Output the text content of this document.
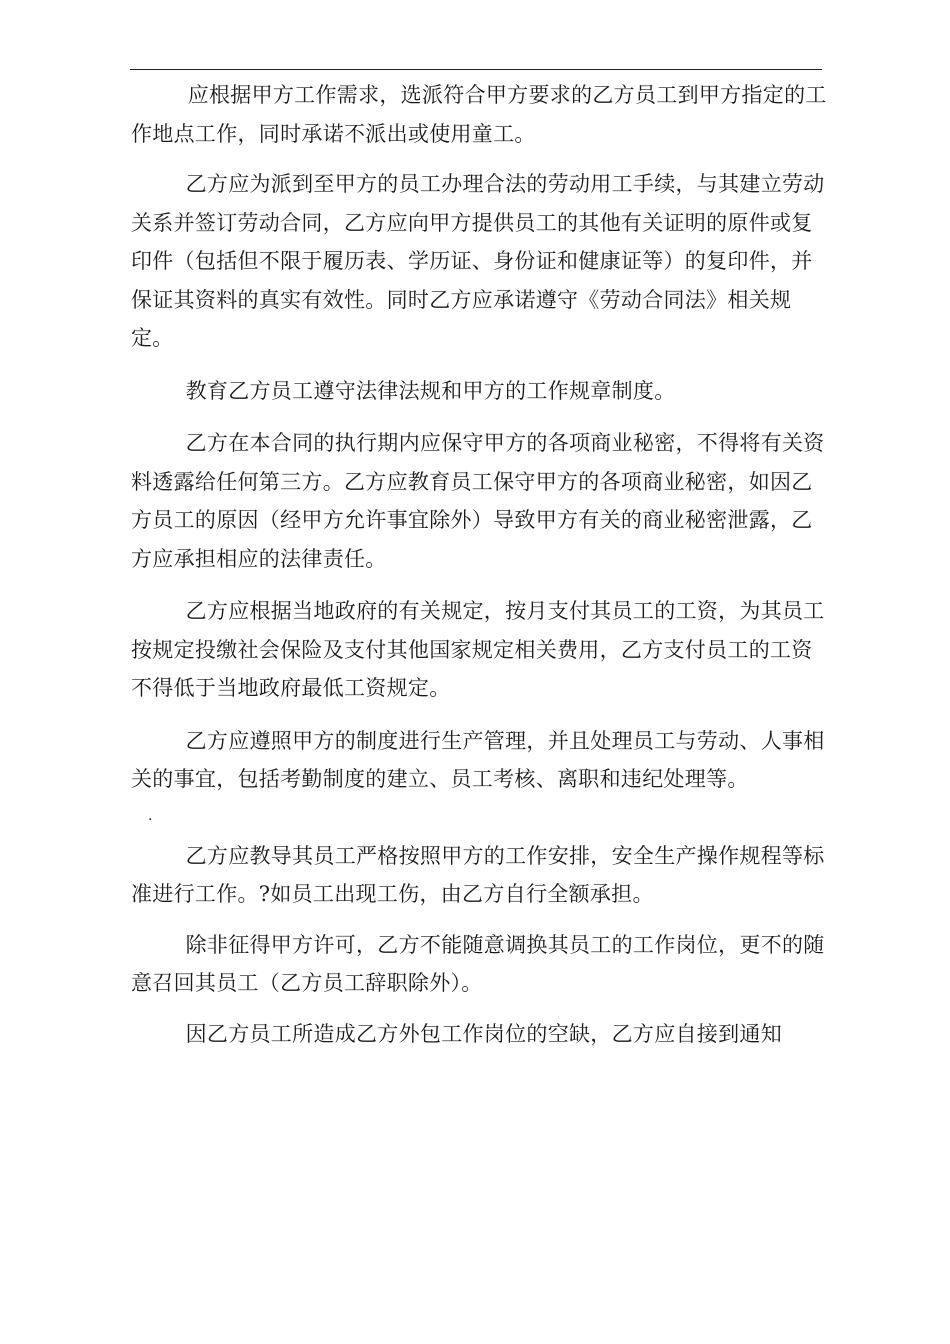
应根据甲方工作需求，选派符合甲方要求的乙方员工到甲方指定的工作地点工作，同时承诺不派出或使用童工。

乙方应为派到至甲方的员工办理合法的劳动用工手续，与其建立劳动关系并签订劳动合同，乙方应向甲方提供员工的其他有关证明的原件或复印件（包括但不限于履历表、学历证、身份证和健康证等）的复印件，并保证其资料的真实有效性。同时乙方应承诺遵守《劳动合同法》相关规定。

教育乙方员工遵守法律法规和甲方的工作规章制度。

乙方在本合同的执行期内应保守甲方的各项商业秘密，不得将有关资料透露给任何第三方。乙方应教育员工保守甲方的各项商业秘密，如因乙方员工的原因（经甲方允许事宜除外）导致甲方有关的商业秘密泄露，乙方应承担相应的法律责任。

乙方应根据当地政府的有关规定，按月支付其员工的工资，为其员工按规定投缴社会保险及支付其他国家规定相关费用，乙方支付员工的工资不得低于当地政府最低工资规定。

乙方应遵照甲方的制度进行生产管理，并且处理员工与劳动、人事相关的事宜，包括考勤制度的建立、员工考核、离职和违纪处理等。

.

乙方应教导其员工严格按照甲方的工作安排，安全生产操作规程等标准进行工作。?如员工出现工伤，由乙方自行全额承担。

除非征得甲方许可，乙方不能随意调换其员工的工作岗位，更不的随意召回其员工（乙方员工辞职除外）。

因乙方员工所造成乙方外包工作岗位的空缺，乙方应自接到通知
